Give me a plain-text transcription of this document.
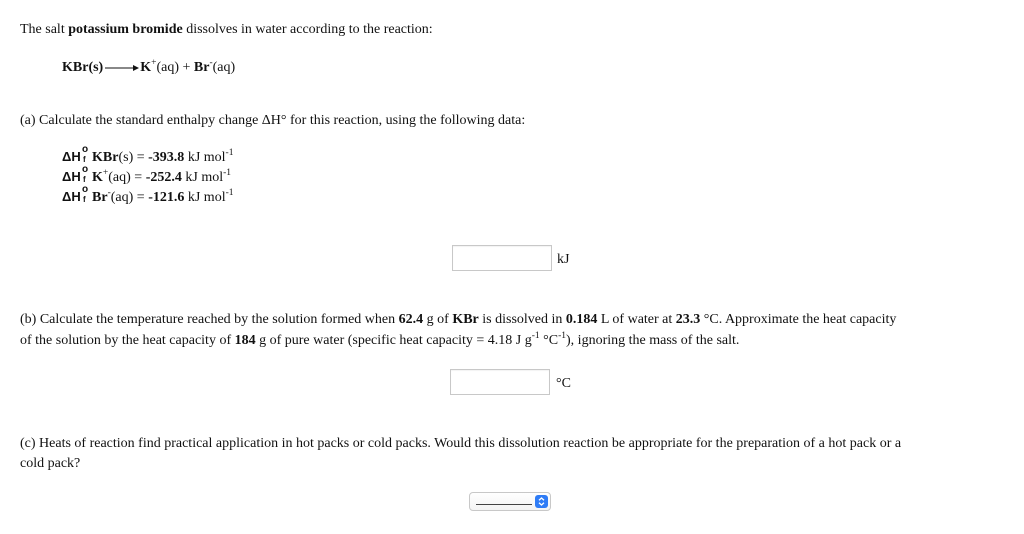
The salt potassium bromide dissolves in water according to the reaction:
KBr(s) →K+(aq) + Br-(aq)
(a) Calculate the standard enthalpy change ΔH° for this reaction, using the following data:
ΔH o
f KBr(s) = -393.8 kJ mol$^{-1}$
ΔH o
f K+(aq) = -252.4 kJ mol$^{-1}$
ΔH o
f Br-(aq) = -121.6 kJ mol$^{-1}$
kJ
(b) Calculate the temperature reached by the solution formed when 62.4 g of KBr is dissolved in 0.184 L of water at 23.3 °C. Approximate the heat capacity
of the solution by the heat capacity of 184 g of pure water (specific heat capacity = 4.18 J $g^{-1}$ $^\circ C^{-1}$), ignoring the mass of the salt.
°C
(c) Heats of reaction find practical application in hot packs or cold packs. Would this dissolution reaction be appropriate for the preparation of a hot pack or a
cold pack?
